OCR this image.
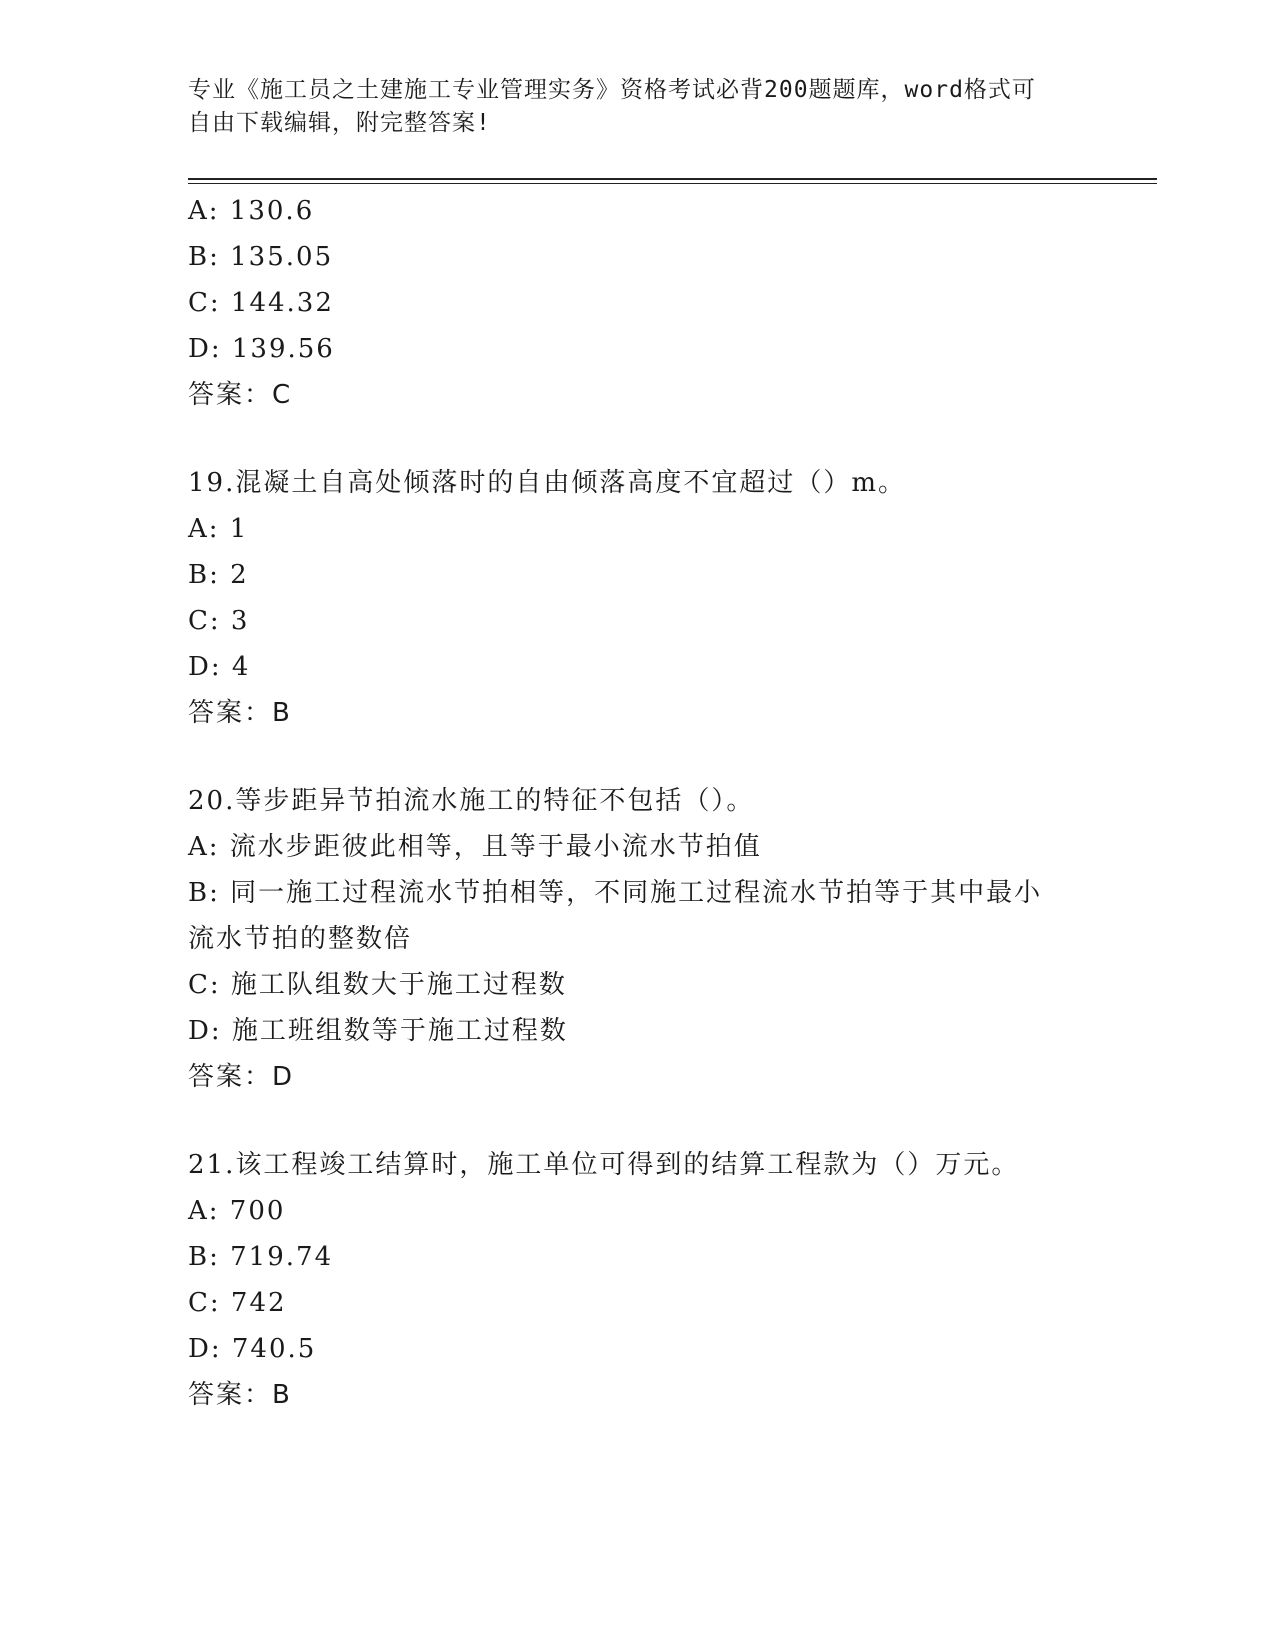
专业《施工员之土建施工专业管理实务》资格考试必背200题题库，word格式可
自由下载编辑，附完整答案!

A: 130.6

B: 135.05

C: 144.32

D: 139.56

答案：C

19.混凝土自高处倾落时的自由倾落高度不宜超过（）m。

A: 1

B: 2

C: 3

D: 4

答案：B

20.等步距异节拍流水施工的特征不包括（）。

A: 流水步距彼此相等，且等于最小流水节拍值

B: 同一施工过程流水节拍相等，不同施工过程流水节拍等于其中最小

流水节拍的整数倍

C: 施工队组数大于施工过程数

D: 施工班组数等于施工过程数

答案：D

21.该工程竣工结算时，施工单位可得到的结算工程款为（）万元。

A: 700

B: 719.74

C: 742

D: 740.5

答案：B
